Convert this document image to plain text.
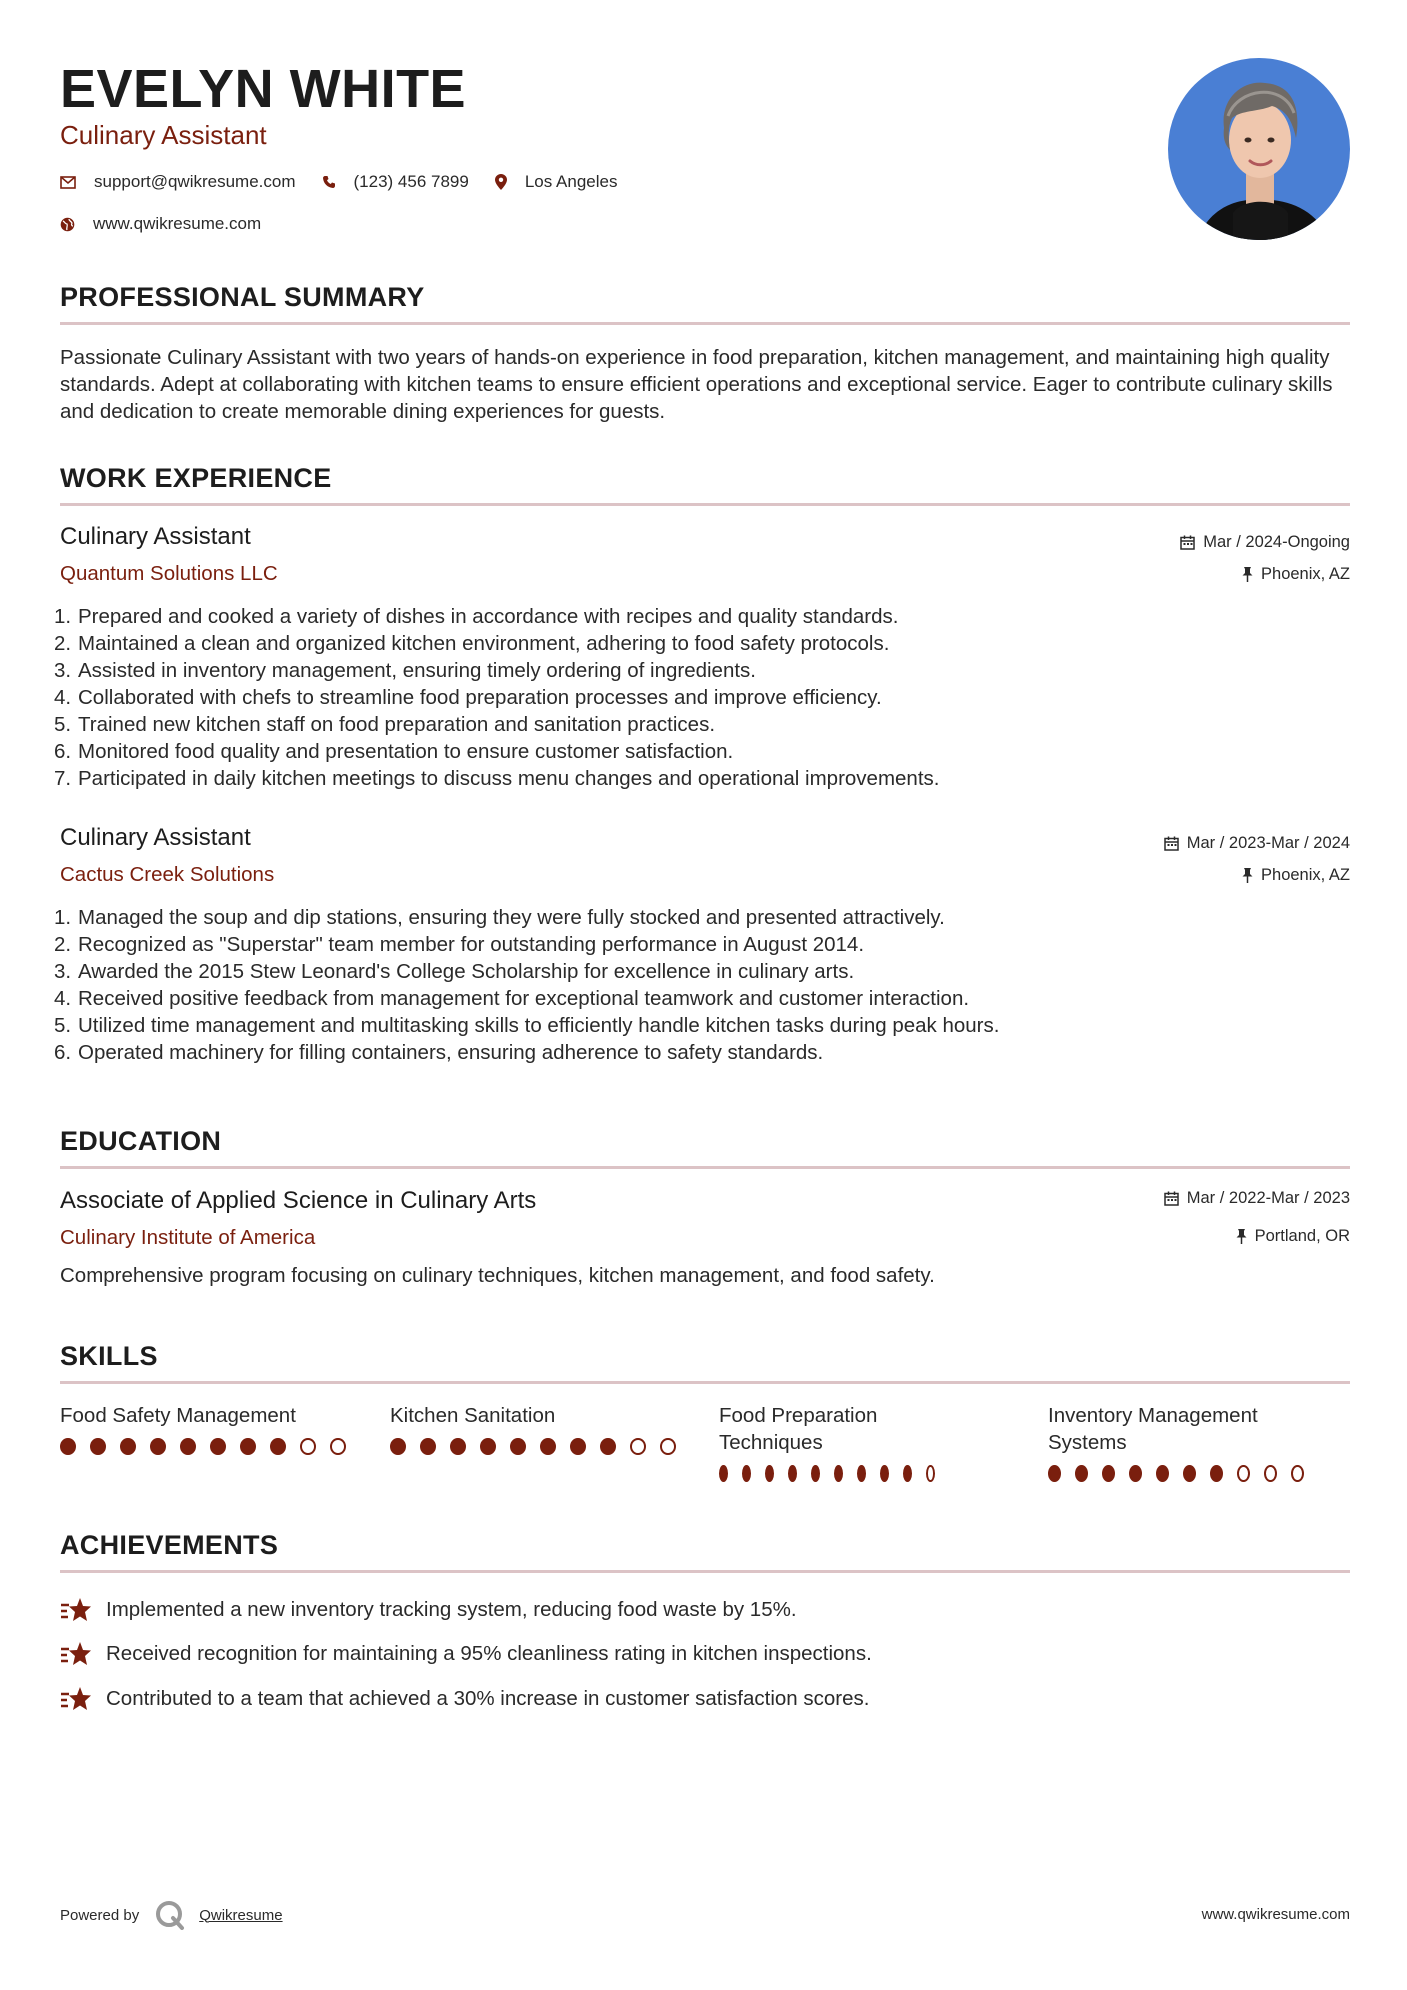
EVELYN WHITE
Culinary Assistant
support@qwikresume.com	(123) 456 7899	Los Angeles
www.qwikresume.com
PROFESSIONAL SUMMARY
Passionate Culinary Assistant with two years of hands-on experience in food preparation, kitchen management, and maintaining high quality standards. Adept at collaborating with kitchen teams to ensure efficient operations and exceptional service. Eager to contribute culinary skills and dedication to create memorable dining experiences for guests.
WORK EXPERIENCE
Culinary Assistant
Quantum Solutions LLC
Mar / 2024-Ongoing
Phoenix, AZ
1. Prepared and cooked a variety of dishes in accordance with recipes and quality standards.
2. Maintained a clean and organized kitchen environment, adhering to food safety protocols.
3. Assisted in inventory management, ensuring timely ordering of ingredients.
4. Collaborated with chefs to streamline food preparation processes and improve efficiency.
5. Trained new kitchen staff on food preparation and sanitation practices.
6. Monitored food quality and presentation to ensure customer satisfaction.
7. Participated in daily kitchen meetings to discuss menu changes and operational improvements.
Culinary Assistant
Cactus Creek Solutions
Mar / 2023-Mar / 2024
Phoenix, AZ
1. Managed the soup and dip stations, ensuring they were fully stocked and presented attractively.
2. Recognized as "Superstar" team member for outstanding performance in August 2014.
3. Awarded the 2015 Stew Leonard's College Scholarship for excellence in culinary arts.
4. Received positive feedback from management for exceptional teamwork and customer interaction.
5. Utilized time management and multitasking skills to efficiently handle kitchen tasks during peak hours.
6. Operated machinery for filling containers, ensuring adherence to safety standards.
EDUCATION
Associate of Applied Science in Culinary Arts
Culinary Institute of America
Mar / 2022-Mar / 2023
Portland, OR
Comprehensive program focusing on culinary techniques, kitchen management, and food safety.
SKILLS
Food Safety Management	Kitchen Sanitation	Food Preparation Techniques
Inventory Management Systems
ACHIEVEMENTS
Implemented a new inventory tracking system, reducing food waste by 15%.
Received recognition for maintaining a 95% cleanliness rating in kitchen inspections.
Contributed to a team that achieved a 30% increase in customer satisfaction scores.
Powered by	Qwikresume	www.qwikresume.com
